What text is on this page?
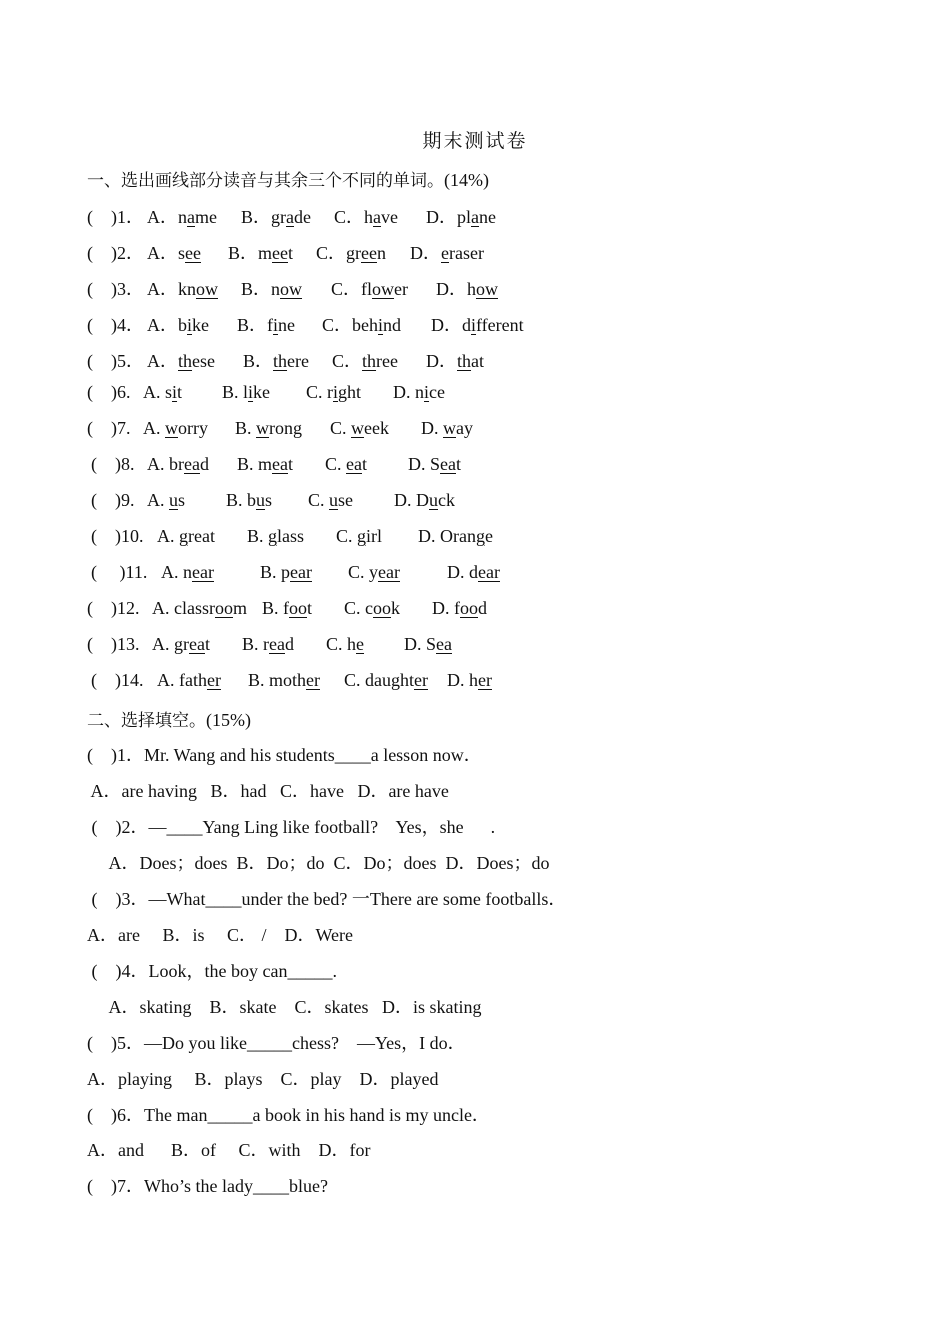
期末测试卷
一、选出画线部分读音与其余三个不同的单词。(14%)
(    )1． A．name B．grade C．have D．plane
(    )2． A．see B．meet C．green D．eraser
(    )3． A．know B．now C．flower D．how
(    )4． A．bike B．fine C．behind D．different
(    )5． A．these B．there C．three D．that
(    )6. A. sit B. like C. right D. nice
(    )7. A. worry B. wrong C. week D. way
(    )8. A. bread B. meat C. eat D. Seat
(    )9. A. us B. bus C. use D. Duck
(    )10. A. great B. glass C. girl D. Orange
(     )11. A. near	B. pear C. year	D. dear
(    )12. A. classroom B. foot C. cook D. food
(    )13. A. great B. read C. he D. Sea
(    )14. A. father B. mother C. daughter D. her
二、选择填空。(15%)
(    )1．Mr. Wang and his students____a lesson now．
A．are having   B．had   C．have   D．are have
(    )2．—____Yang Ling like football?    Yes，she      .
A．Does；does  B．Do；do  C．Do；does  D．Does；do
(    )3．—What____under the bed? 一There are some footballs．
A．are     B．is     C． /    D．Were
(    )4．Look，the boy can_____.
A．skating    B．skate    C．skates   D．is skating
(    )5．—Do you like_____chess?    —Yes，I do．
A．playing     B．plays    C．play    D．played
(    )6．The man_____a book in his hand is my uncle．
A．and      B．of     C．with    D．for
(    )7．Who’s the lady____blue?
